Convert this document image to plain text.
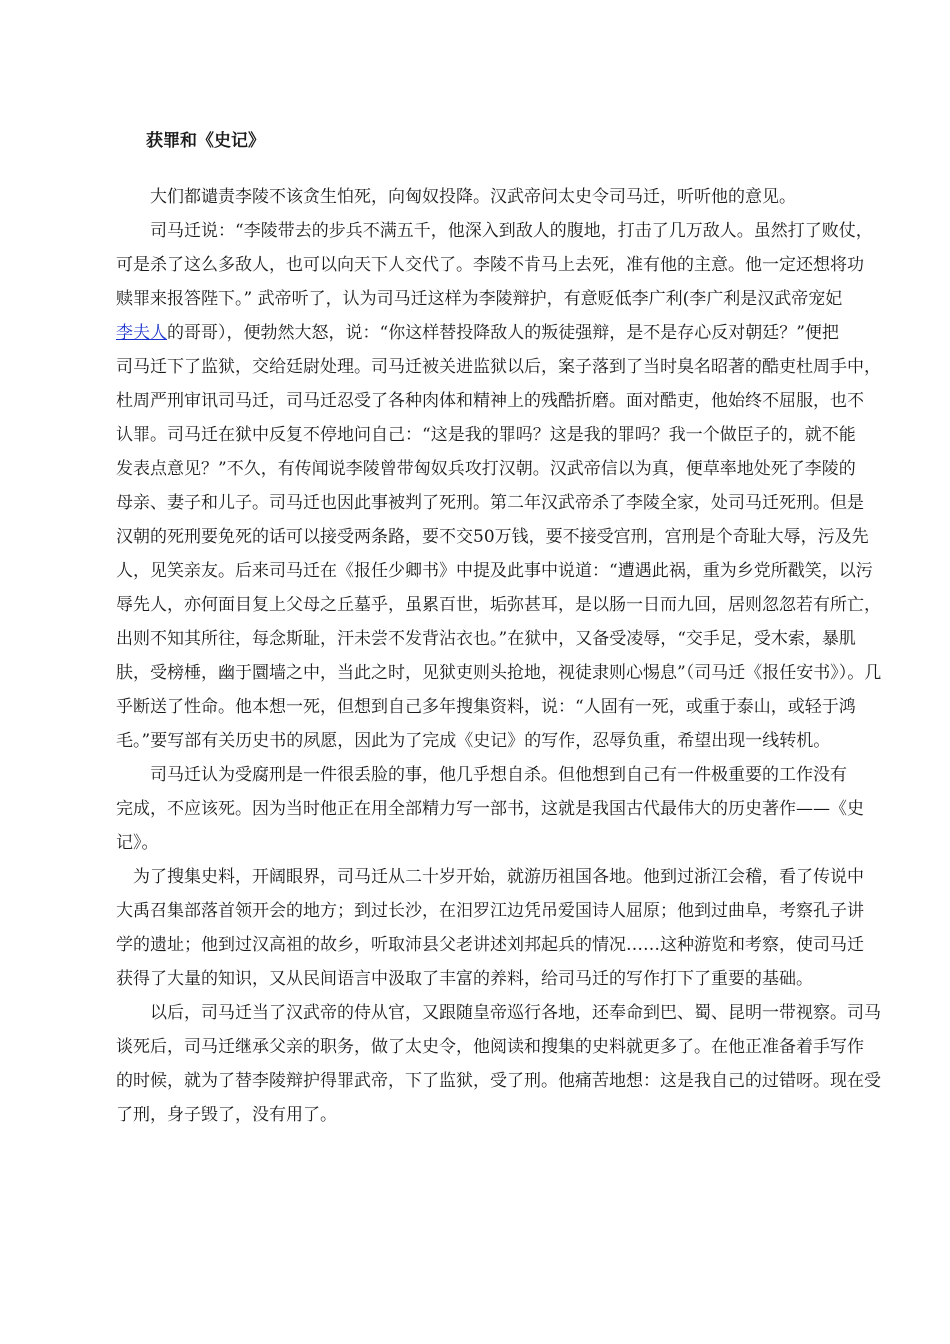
获罪和《史记》
大们都谴责李陵不该贪生怕死，向匈奴投降。汉武帝问太史令司马迁，听听他的意见。
司马迁说：“李陵带去的步兵不满五千，他深入到敌人的腹地，打击了几万敌人。虽然打了败仗，
可是杀了这么多敌人，也可以向天下人交代了。李陵不肯马上去死，准有他的主意。他一定还想将功
赎罪来报答陛下。” 武帝听了，认为司马迁这样为李陵辩护，有意贬低李广利(李广利是汉武帝宠妃
李夫人的哥哥），便勃然大怒，说：“你这样替投降敌人的叛徒强辩，是不是存心反对朝廷？”便把
司马迁下了监狱，交给廷尉处理。司马迁被关进监狱以后，案子落到了当时臭名昭著的酷吏杜周手中，
杜周严刑审讯司马迁，司马迁忍受了各种肉体和精神上的残酷折磨。面对酷吏，他始终不屈服，也不
认罪。司马迁在狱中反复不停地问自己：“这是我的罪吗？这是我的罪吗？我一个做臣子的，就不能
发表点意见？”不久，有传闻说李陵曾带匈奴兵攻打汉朝。汉武帝信以为真，便草率地处死了李陵的
母亲、妻子和儿子。司马迁也因此事被判了死刑。第二年汉武帝杀了李陵全家，处司马迁死刑。但是
汉朝的死刑要免死的话可以接受两条路，要不交50万钱，要不接受宫刑，宫刑是个奇耻大辱，污及先
人，见笑亲友。后来司马迁在《报任少卿书》中提及此事中说道：“遭遇此祸，重为乡党所戳笑，以污
辱先人，亦何面目复上父母之丘墓乎，虽累百世，垢弥甚耳，是以肠一日而九回，居则忽忽若有所亡，
出则不知其所往，每念斯耻，汗未尝不发背沾衣也。”在狱中，又备受凌辱，“交手足，受木索，暴肌
肤，受榜棰，幽于圜墙之中，当此之时，见狱吏则头抢地，视徒隶则心惕息”（司马迁《报任安书》）。几
乎断送了性命。他本想一死，但想到自己多年搜集资料，说：“人固有一死，或重于泰山，或轻于鸿
毛。”要写部有关历史书的夙愿，因此为了完成《史记》的写作，忍辱负重，希望出现一线转机。
司马迁认为受腐刑是一件很丢脸的事，他几乎想自杀。但他想到自己有一件极重要的工作没有
完成，不应该死。因为当时他正在用全部精力写一部书，这就是我国古代最伟大的历史著作——《史
记》。
为了搜集史料，开阔眼界，司马迁从二十岁开始，就游历祖国各地。他到过浙江会稽，看了传说中
大禹召集部落首领开会的地方；到过长沙，在汨罗江边凭吊爱国诗人屈原；他到过曲阜，考察孔子讲
学的遗址；他到过汉高祖的故乡，听取沛县父老讲述刘邦起兵的情况……这种游览和考察，使司马迁
获得了大量的知识，又从民间语言中汲取了丰富的养料，给司马迁的写作打下了重要的基础。
以后，司马迁当了汉武帝的侍从官，又跟随皇帝巡行各地，还奉命到巴、蜀、昆明一带视察。司马
谈死后，司马迁继承父亲的职务，做了太史令，他阅读和搜集的史料就更多了。在他正准备着手写作
的时候，就为了替李陵辩护得罪武帝，下了监狱，受了刑。他痛苦地想：这是我自己的过错呀。现在受
了刑，身子毁了，没有用了。
